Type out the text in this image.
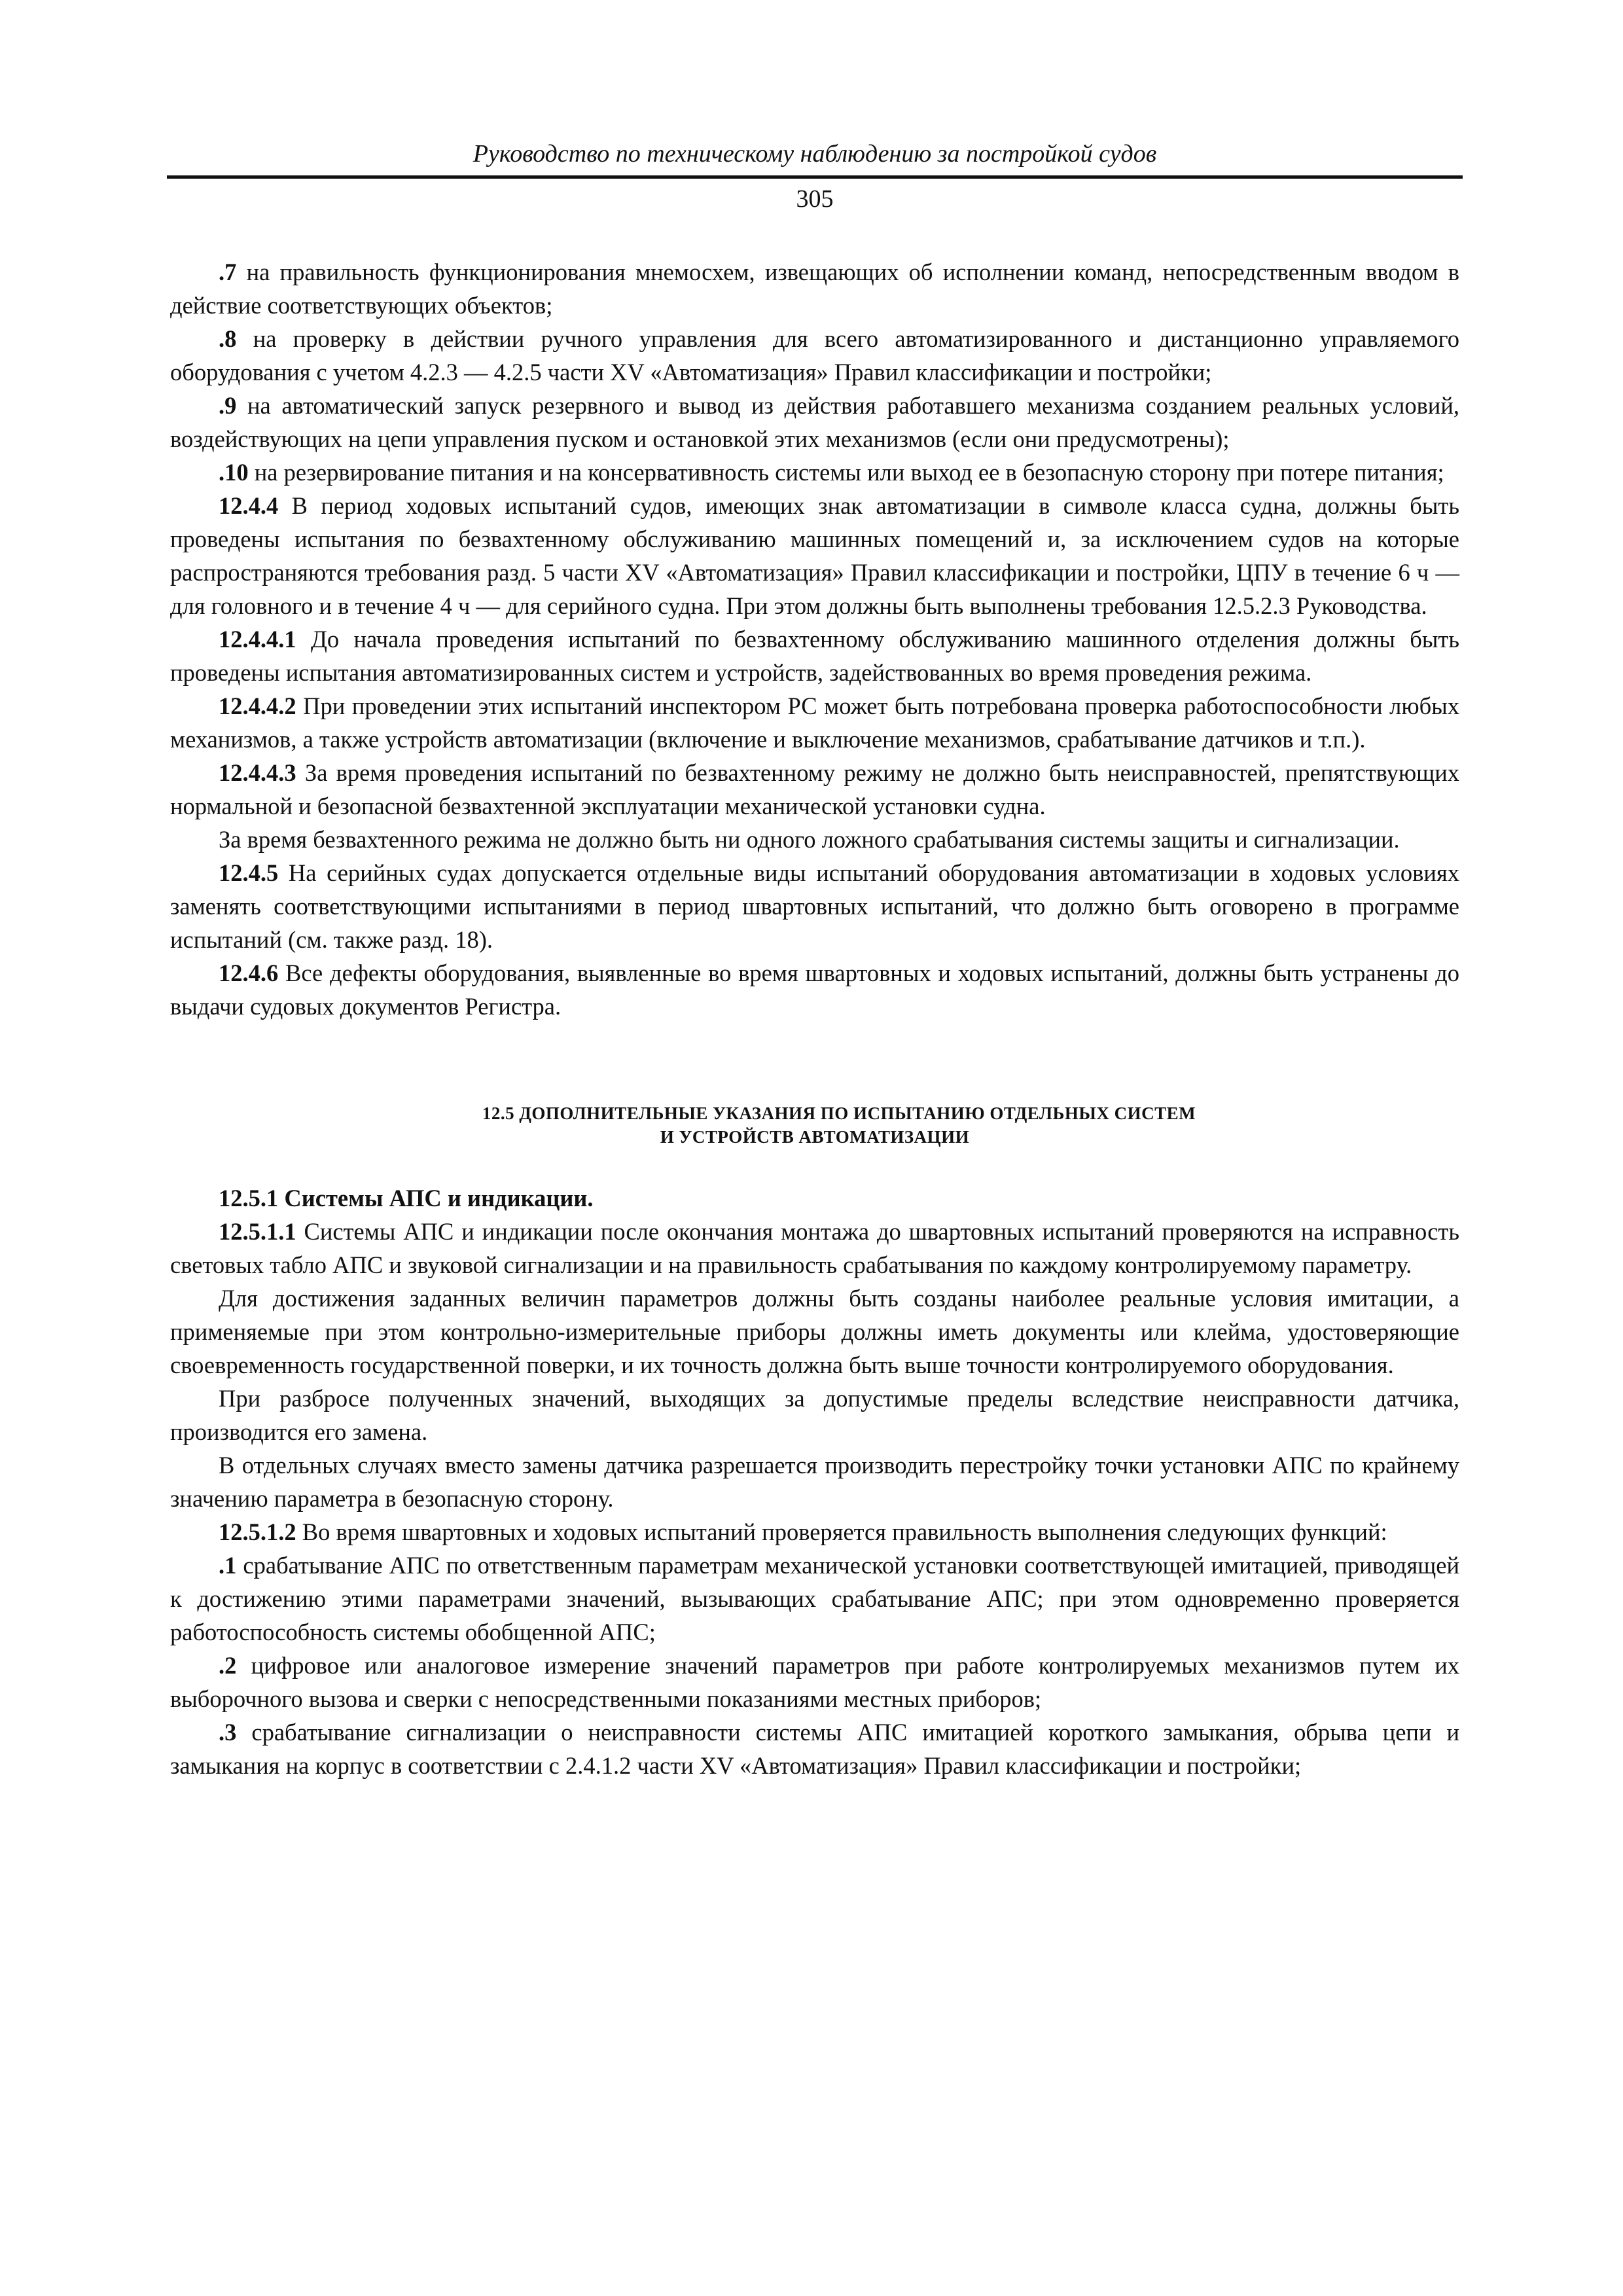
Руководство по техническому наблюдению за постройкой судов
305

.7 на правильность функционирования мнемосхем, извещающих об исполнении команд, непосредственным вводом в действие соответствующих объектов;

.8 на проверку в действии ручного управления для всего автоматизированного и дистанционно управляемого оборудования с учетом 4.2.3 — 4.2.5 части XV «Автоматизация» Правил классификации и постройки;

.9 на автоматический запуск резервного и вывод из действия работавшего механизма созданием реальных условий, воздействующих на цепи управления пуском и остановкой этих механизмов (если они предусмотрены);

.10 на резервирование питания и на консервативность системы или выход ее в безопасную сторону при потере питания;

12.4.4 В период ходовых испытаний судов, имеющих знак автоматизации в символе класса судна, должны быть проведены испытания по безвахтенному обслуживанию машинных помещений и, за исключением судов на которые распространяются требования разд. 5 части XV «Автоматизация» Правил классификации и постройки, ЦПУ в течение 6 ч — для головного и в течение 4 ч — для серийного судна. При этом должны быть выполнены требования 12.5.2.3 Руководства.

12.4.4.1 До начала проведения испытаний по безвахтенному обслуживанию машинного отделения должны быть проведены испытания автоматизированных систем и устройств, задействованных во время проведения режима.

12.4.4.2 При проведении этих испытаний инспектором РС может быть потребована проверка работоспособности любых механизмов, а также устройств автоматизации (включение и выключение механизмов, срабатывание датчиков и т.п.).

12.4.4.3 За время проведения испытаний по безвахтенному режиму не должно быть неисправностей, препятствующих нормальной и безопасной безвахтенной эксплуатации механической установки судна.

За время безвахтенного режима не должно быть ни одного ложного срабатывания системы защиты и сигнализации.

12.4.5 На серийных судах допускается отдельные виды испытаний оборудования автоматизации в ходовых условиях заменять соответствующими испытаниями в период швартовных испытаний, что должно быть оговорено в программе испытаний (см. также разд. 18).

12.4.6 Все дефекты оборудования, выявленные во время швартовных и ходовых испытаний, должны быть устранены до выдачи судовых документов Регистра.

12.5 ДОПОЛНИТЕЛЬНЫЕ УКАЗАНИЯ ПО ИСПЫТАНИЮ ОТДЕЛЬНЫХ СИСТЕМ
И УСТРОЙСТВ АВТОМАТИЗАЦИИ

12.5.1 Системы АПС и индикации.

12.5.1.1 Системы АПС и индикации после окончания монтажа до швартовных испытаний проверяются на исправность световых табло АПС и звуковой сигнализации и на правильность срабатывания по каждому контролируемому параметру.

Для достижения заданных величин параметров должны быть созданы наиболее реальные условия имитации, а применяемые при этом контрольно-измерительные приборы должны иметь документы или клейма, удостоверяющие своевременность государственной поверки, и их точность должна быть выше точности контролируемого оборудования.

При разбросе полученных значений, выходящих за допустимые пределы вследствие неисправности датчика, производится его замена.

В отдельных случаях вместо замены датчика разрешается производить перестройку точки установки АПС по крайнему значению параметра в безопасную сторону.

12.5.1.2 Во время швартовных и ходовых испытаний проверяется правильность выполнения следующих функций:

.1 срабатывание АПС по ответственным параметрам механической установки соответствующей имитацией, приводящей к достижению этими параметрами значений, вызывающих срабатывание АПС; при этом одновременно проверяется работоспособность системы обобщенной АПС;

.2 цифровое или аналоговое измерение значений параметров при работе контролируемых механизмов путем их выборочного вызова и сверки с непосредственными показаниями местных приборов;

.3 срабатывание сигнализации о неисправности системы АПС имитацией короткого замыкания, обрыва цепи и замыкания на корпус в соответствии с 2.4.1.2 части XV «Автоматизация» Правил классификации и постройки;
